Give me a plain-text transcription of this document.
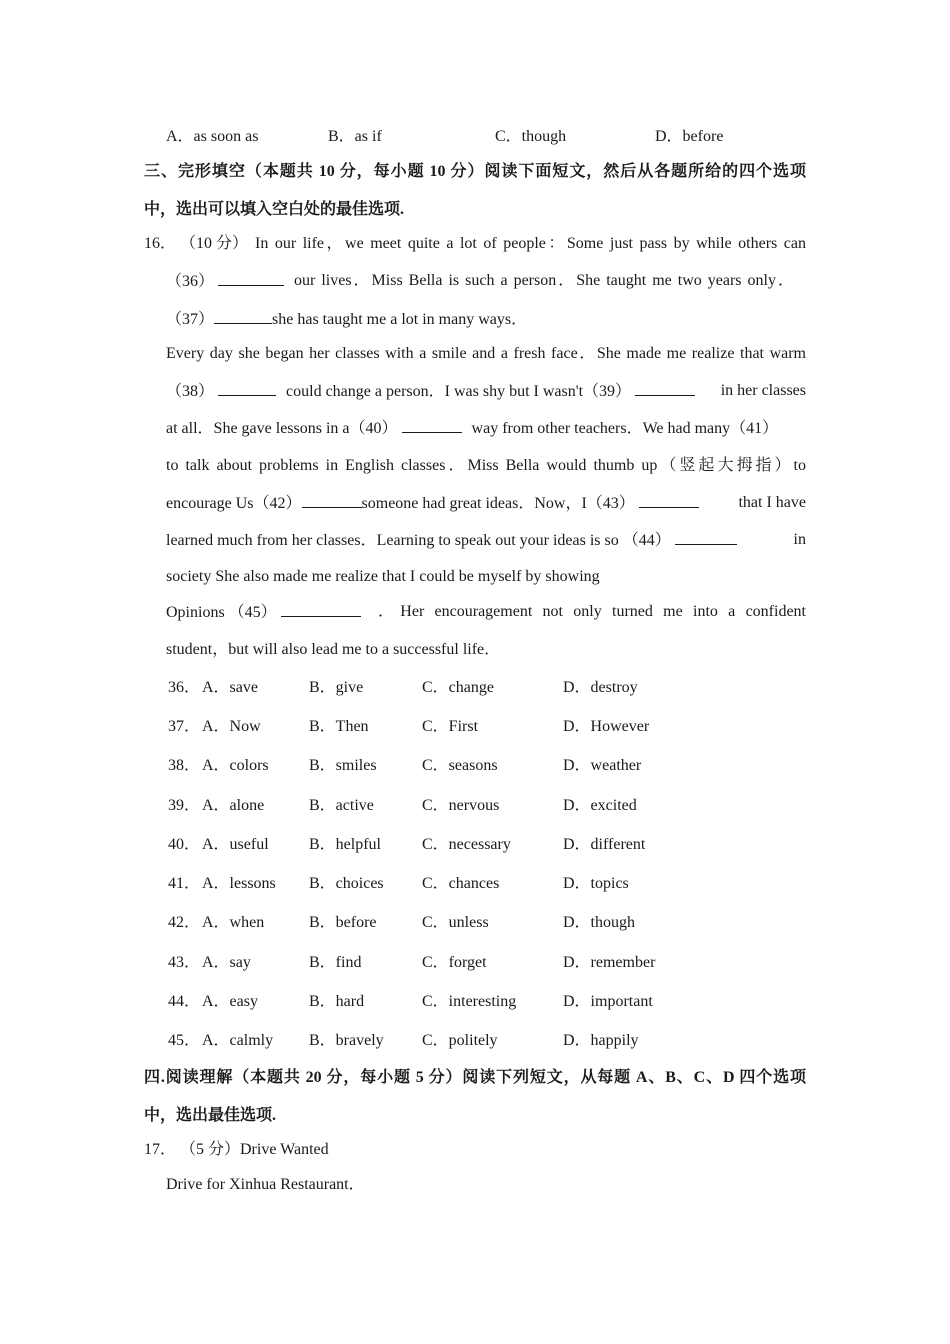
A．as soon as	B．as if	C．though	D．before
三、完形填空（本题共 10 分，每小题 10 分）阅读下面短文，然后从各题所给的四个选项
中，选出可以填入空白处的最佳选项.
16． （10 分） In our life，we meet quite a lot of people：Some just pass by while others can
（36）	our lives．Miss Bella is such a person．She taught me two years only．
（37）	she has taught me a lot in many ways．
Every day she began her classes with a smile and a fresh face．She made me realize that warm
（38）	could change a person．I was shy but I wasn't（39）	in her classes
at all．She gave lessons in a（40）	way from other teachers．We had many（41）
to talk about problems in English classes．Miss Bella would thumb up（竖起大拇指）to
encourage Us（42）	someone had great ideas．Now，I（43）	that I have
learned much from her classes．Learning to speak out your ideas is so （44）	in
society She also made me realize that I could be myself by showing
Opinions （45）	．Her encouragement not only turned me into a confident
student，but will also lead me to a successful life．
36． A．save	B．give	C．change	D．destroy
37． A．Now	B．Then	C．First	D．However
38． A．colors	B．smiles	C．seasons	D．weather
39． A．alone	B．active	C．nervous	D．excited
40． A．useful	B．helpful	C．necessary	D．different
41． A．lessons B．choices C．chances	D．topics
42． A．when	B．before	C．unless	D．though
43． A．say	B．find	C．forget	D．remember
44． A．easy	B．hard	C．interesting	D．important
45． A．calmly B．bravely C．politely	D．happily
四.阅读理解（本题共 20 分，每小题 5 分）阅读下列短文，从每题 A、B、C、D 四个选项
中，选出最佳选项.
17． （5 分） Drive Wanted
Drive for Xinhua Restaurant．
